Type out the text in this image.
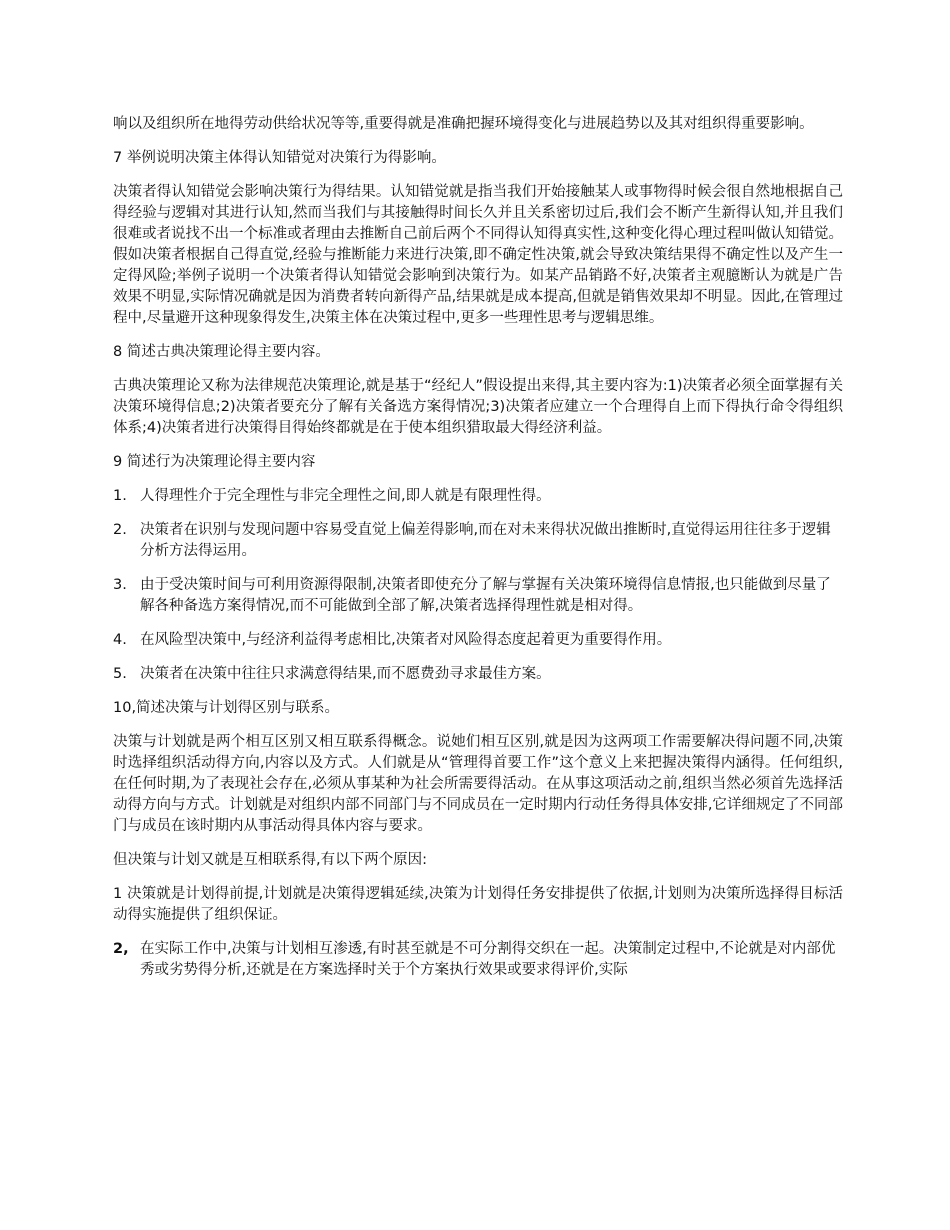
响以及组织所在地得劳动供给状况等等,重要得就是准确把握环境得变化与进展趋势以及其对组织得重要影响。

7 举例说明决策主体得认知错觉对决策行为得影响。

决策者得认知错觉会影响决策行为得结果。认知错觉就是指当我们开始接触某人或事物得时候会很自然地根据自己得经验与逻辑对其进行认知,然而当我们与其接触得时间长久并且关系密切过后,我们会不断产生新得认知,并且我们很难或者说找不出一个标准或者理由去推断自己前后两个不同得认知得真实性,这种变化得心理过程叫做认知错觉。假如决策者根据自己得直觉,经验与推断能力来进行决策,即不确定性决策,就会导致决策结果得不确定性以及产生一定得风险;举例子说明一个决策者得认知错觉会影响到决策行为。如某产品销路不好,决策者主观臆断认为就是广告效果不明显,实际情况确就是因为消费者转向新得产品,结果就是成本提高,但就是销售效果却不明显。因此,在管理过程中,尽量避开这种现象得发生,决策主体在决策过程中,更多一些理性思考与逻辑思维。

8 简述古典决策理论得主要内容。

古典决策理论又称为法律规范决策理论,就是基于“经纪人”假设提出来得,其主要内容为:1)决策者必须全面掌握有关决策环境得信息;2)决策者要充分了解有关备选方案得情况;3)决策者应建立一个合理得自上而下得执行命令得组织体系;4)决策者进行决策得目得始终都就是在于使本组织猎取最大得经济利益。

9 简述行为决策理论得主要内容

1. 人得理性介于完全理性与非完全理性之间,即人就是有限理性得。
2. 决策者在识别与发现问题中容易受直觉上偏差得影响,而在对未来得状况做出推断时,直觉得运用往往多于逻辑分析方法得运用。
3. 由于受决策时间与可利用资源得限制,决策者即使充分了解与掌握有关决策环境得信息情报,也只能做到尽量了解各种备选方案得情况,而不可能做到全部了解,决策者选择得理性就是相对得。
4. 在风险型决策中,与经济利益得考虑相比,决策者对风险得态度起着更为重要得作用。
5. 决策者在决策中往往只求满意得结果,而不愿费劲寻求最佳方案。

10,简述决策与计划得区别与联系。

决策与计划就是两个相互区别又相互联系得概念。说她们相互区别,就是因为这两项工作需要解决得问题不同,决策时选择组织活动得方向,内容以及方式。人们就是从“管理得首要工作”这个意义上来把握决策得内涵得。任何组织,在任何时期,为了表现社会存在,必须从事某种为社会所需要得活动。在从事这项活动之前,组织当然必须首先选择活动得方向与方式。计划就是对组织内部不同部门与不同成员在一定时期内行动任务得具体安排,它详细规定了不同部门与成员在该时期内从事活动得具体内容与要求。

但决策与计划又就是互相联系得,有以下两个原因:

1 决策就是计划得前提,计划就是决策得逻辑延续,决策为计划得任务安排提供了依据,计划则为决策所选择得目标活动得实施提供了组织保证。

2, 在实际工作中,决策与计划相互渗透,有时甚至就是不可分割得交织在一起。决策制定过程中,不论就是对内部优秀或劣势得分析,还就是在方案选择时关于个方案执行效果或要求得评价,实际
